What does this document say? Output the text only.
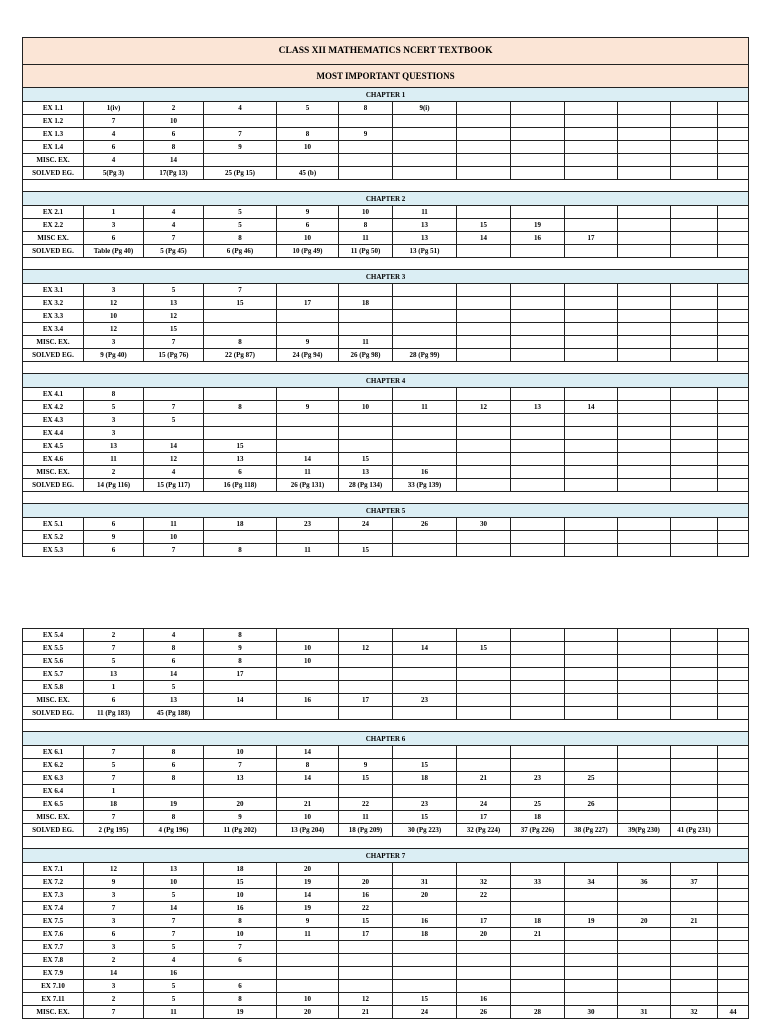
CLASS XII MATHEMATICS NCERT TEXTBOOK												
MOST IMPORTANT QUESTIONS												
CHAPTER 1												
EX 1.1	1(iv)	2	4	5	8	9(i)						
EX 1.2	7	10										
EX 1.3	4	6	7	8	9							
EX 1.4	6	8	9	10								
MISC. EX.	4	14										
SOLVED EG.	5(Pg 3)	17(Pg 13)	25 (Pg 15)	45 (b)								

CHAPTER 2												
EX 2.1	1	4	5	9	10	11						
EX 2.2	3	4	5	6	8	13	15	19				
MISC EX.	6	7	8	10	11	13	14	16	17			
SOLVED EG.	Table (Pg 40)	5 (Pg 45)	6 (Pg 46)	10 (Pg 49)	11 (Pg 50)	13 (Pg 51)						

CHAPTER 3												
EX 3.1	3	5	7									
EX 3.2	12	13	15	17	18							
EX 3.3	10	12										
EX 3.4	12	15										
MISC. EX.	3	7	8	9	11							
SOLVED EG.	9 (Pg 40)	15 (Pg 76)	22 (Pg 87)	24 (Pg 94)	26 (Pg 98)	28 (Pg 99)						

CHAPTER 4												
EX 4.1	8											
EX 4.2	5	7	8	9	10	11	12	13	14			
EX 4.3	3	5										
EX 4.4	3											
EX 4.5	13	14	15									
EX 4.6	11	12	13	14	15							
MISC. EX.	2	4	6	11	13	16						
SOLVED EG.	14 (Pg 116)	15 (Pg 117)	16 (Pg 118)	26 (Pg 131)	28 (Pg 134)	33 (Pg 139)						

CHAPTER 5												
EX 5.1	6	11	18	23	24	26	30					
EX 5.2	9	10										
EX 5.3	6	7	8	11	15							
EX 5.4	2	4	8									
EX 5.5	7	8	9	10	12	14	15					
EX 5.6	5	6	8	10								
EX 5.7	13	14	17									
EX 5.8	1	5										
MISC. EX.	6	13	14	16	17	23						
SOLVED EG.	11 (Pg 183)	45 (Pg 188)										

CHAPTER 6												
EX 6.1	7	8	10	14								
EX 6.2	5	6	7	8	9	15						
EX 6.3	7	8	13	14	15	18	21	23	25			
EX 6.4	1											
EX 6.5	18	19	20	21	22	23	24	25	26			
MISC. EX.	7	8	9	10	11	15	17	18				
SOLVED EG.	2 (Pg 195)	4 (Pg 196)	11 (Pg 202)	13 (Pg 204)	18 (Pg 209)	30 (Pg 223)	32 (Pg 224)	37 (Pg 226)	38 (Pg 227)	39(Pg 230)	41 (Pg 231)	

CHAPTER 7												
EX 7.1	12	13	18	20								
EX 7.2	9	10	15	19	20	31	32	33	34	36	37	
EX 7.3	3	5	10	14	16	20	22					
EX 7.4	7	14	16	19	22							
EX 7.5	3	7	8	9	15	16	17	18	19	20	21	
EX 7.6	6	7	10	11	17	18	20	21				
EX 7.7	3	5	7									
EX 7.8	2	4	6									
EX 7.9	14	16										
EX 7.10	3	5	6									
EX 7.11	2	5	8	10	12	15	16					
MISC. EX.	7	11	19	20	21	24	26	28	30	31	32	44
